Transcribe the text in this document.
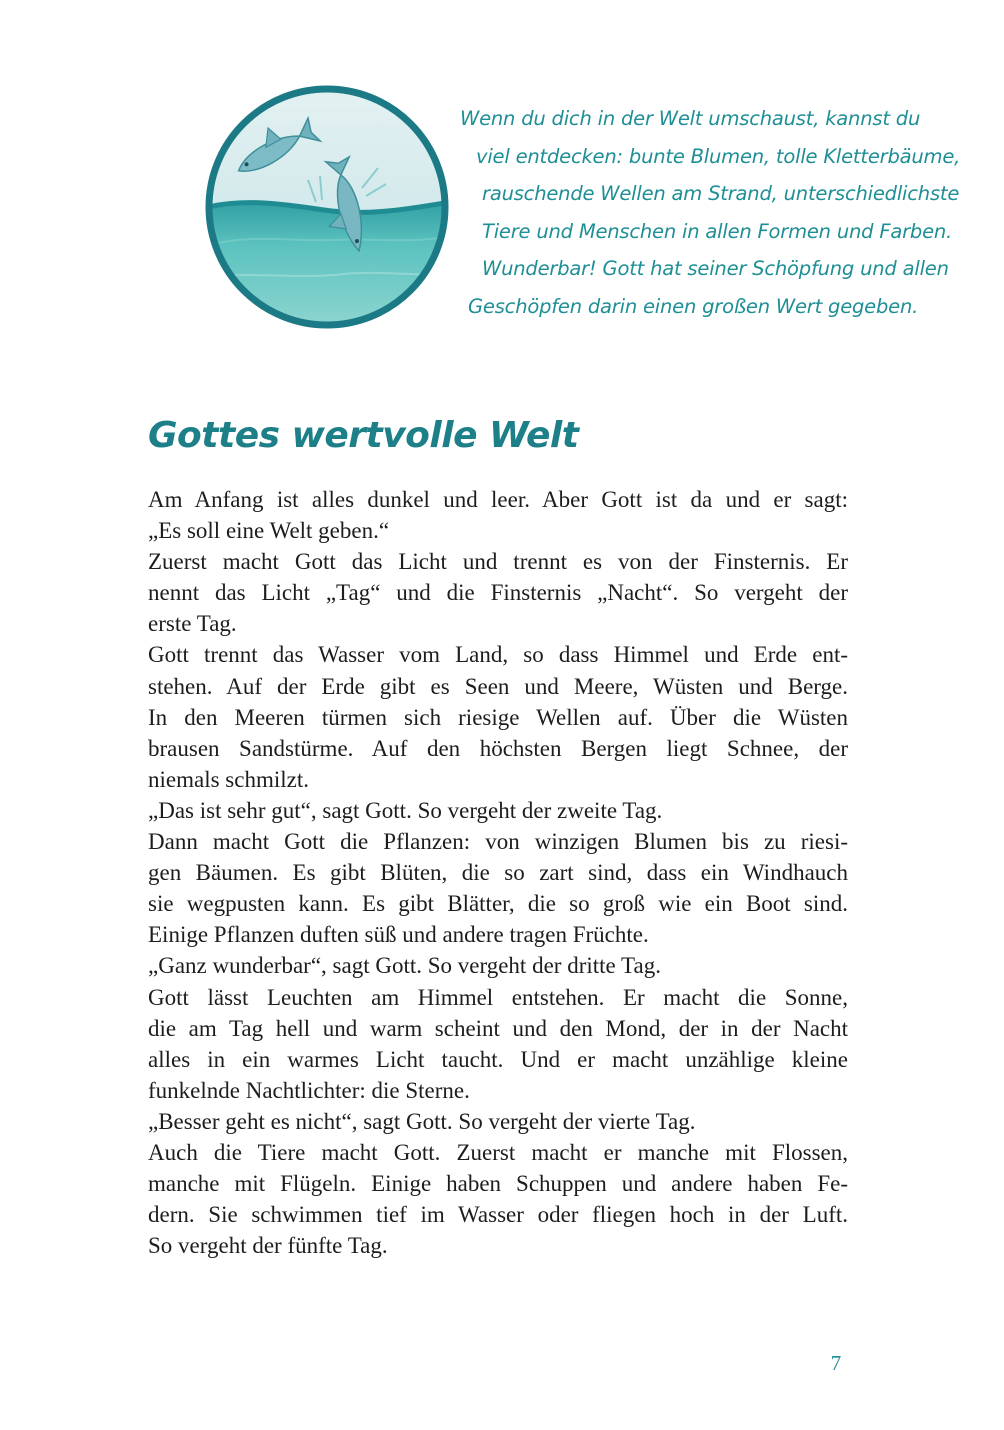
Wenn du dich in der Welt umschaust, kannst du
viel entdecken: bunte Blumen, tolle Kletterbäume,
rauschende Wellen am Strand, unterschiedlichste
Tiere und Menschen in allen Formen und Farben.
Wunderbar! Gott hat seiner Schöpfung und allen
Geschöpfen darin einen großen Wert gegeben.
Gottes wertvolle Welt
Am Anfang ist alles dunkel und leer. Aber Gott ist da und er sagt:
„Es soll eine Welt geben.“
Zuerst macht Gott das Licht und trennt es von der Finsternis. Er
nennt das Licht „Tag“ und die Finsternis „Nacht“. So vergeht der
erste Tag.
Gott trennt das Wasser vom Land, so dass Himmel und Erde ent-
stehen. Auf der Erde gibt es Seen und Meere, Wüsten und Berge.
In den Meeren türmen sich riesige Wellen auf. Über die Wüsten
brausen Sandstürme. Auf den höchsten Bergen liegt Schnee, der
niemals schmilzt.
„Das ist sehr gut“, sagt Gott. So vergeht der zweite Tag.
Dann macht Gott die Pflanzen: von winzigen Blumen bis zu riesi-
gen Bäumen. Es gibt Blüten, die so zart sind, dass ein Windhauch
sie wegpusten kann. Es gibt Blätter, die so groß wie ein Boot sind.
Einige Pflanzen duften süß und andere tragen Früchte.
„Ganz wunderbar“, sagt Gott. So vergeht der dritte Tag.
Gott lässt Leuchten am Himmel entstehen. Er macht die Sonne,
die am Tag hell und warm scheint und den Mond, der in der Nacht
alles in ein warmes Licht taucht. Und er macht unzählige kleine
funkelnde Nachtlichter: die Sterne.
„Besser geht es nicht“, sagt Gott. So vergeht der vierte Tag.
Auch die Tiere macht Gott. Zuerst macht er manche mit Flossen,
manche mit Flügeln. Einige haben Schuppen und andere haben Fe-
dern. Sie schwimmen tief im Wasser oder fliegen hoch in der Luft.
So vergeht der fünfte Tag.
7
